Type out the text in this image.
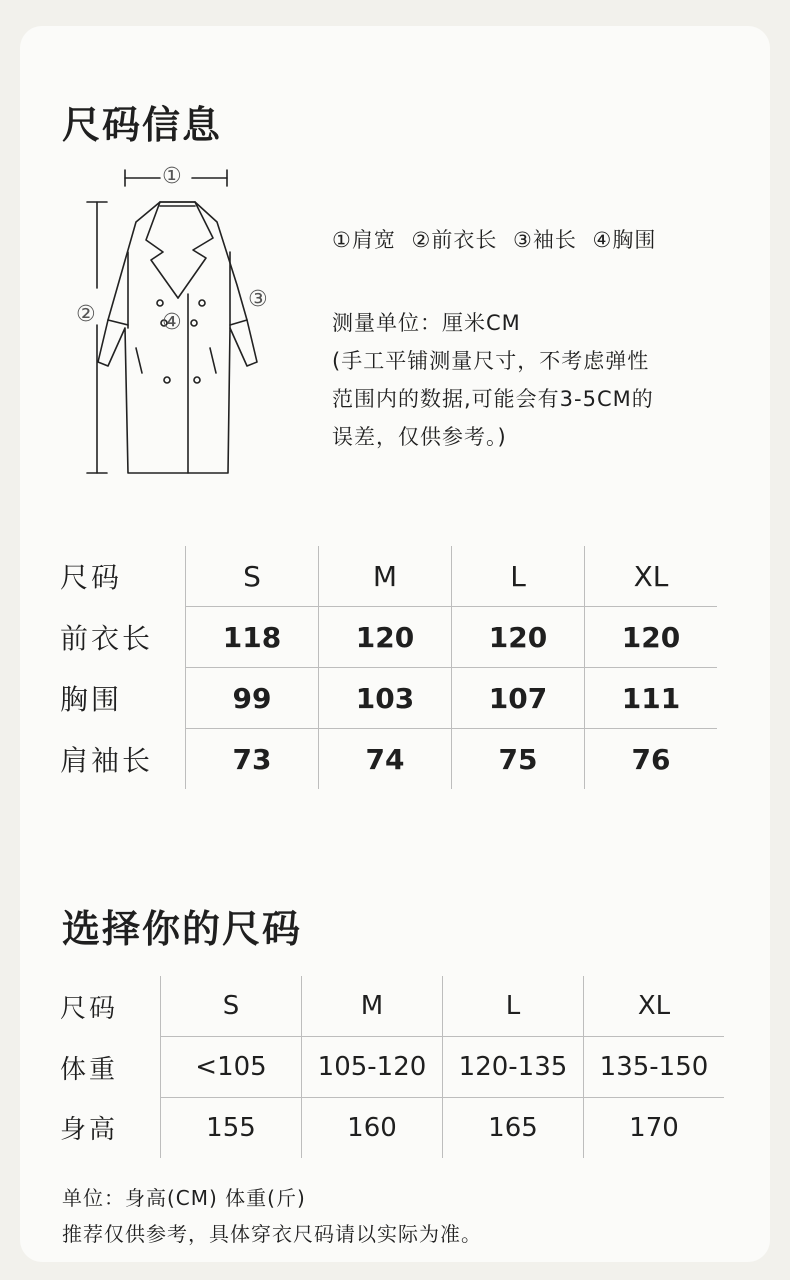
尺码信息
①
②
③
④
①肩宽 ②前衣长 ③袖长 ④胸围
测量单位：厘米CM
(手工平铺测量尺寸，不考虑弹性
范围内的数据,可能会有3-5CM的
误差，仅供参考。)
尺码	S	M	L	XL
前衣长	118	120	120	120
胸围	99	103	107	111
肩袖长	73	74	75	76
选择你的尺码
尺码	S	M	L	XL
体重	<105	105-120	120-135	135-150
身高	155	160	165	170
单位：身高(CM) 体重(斤)
推荐仅供参考，具体穿衣尺码请以实际为准。
